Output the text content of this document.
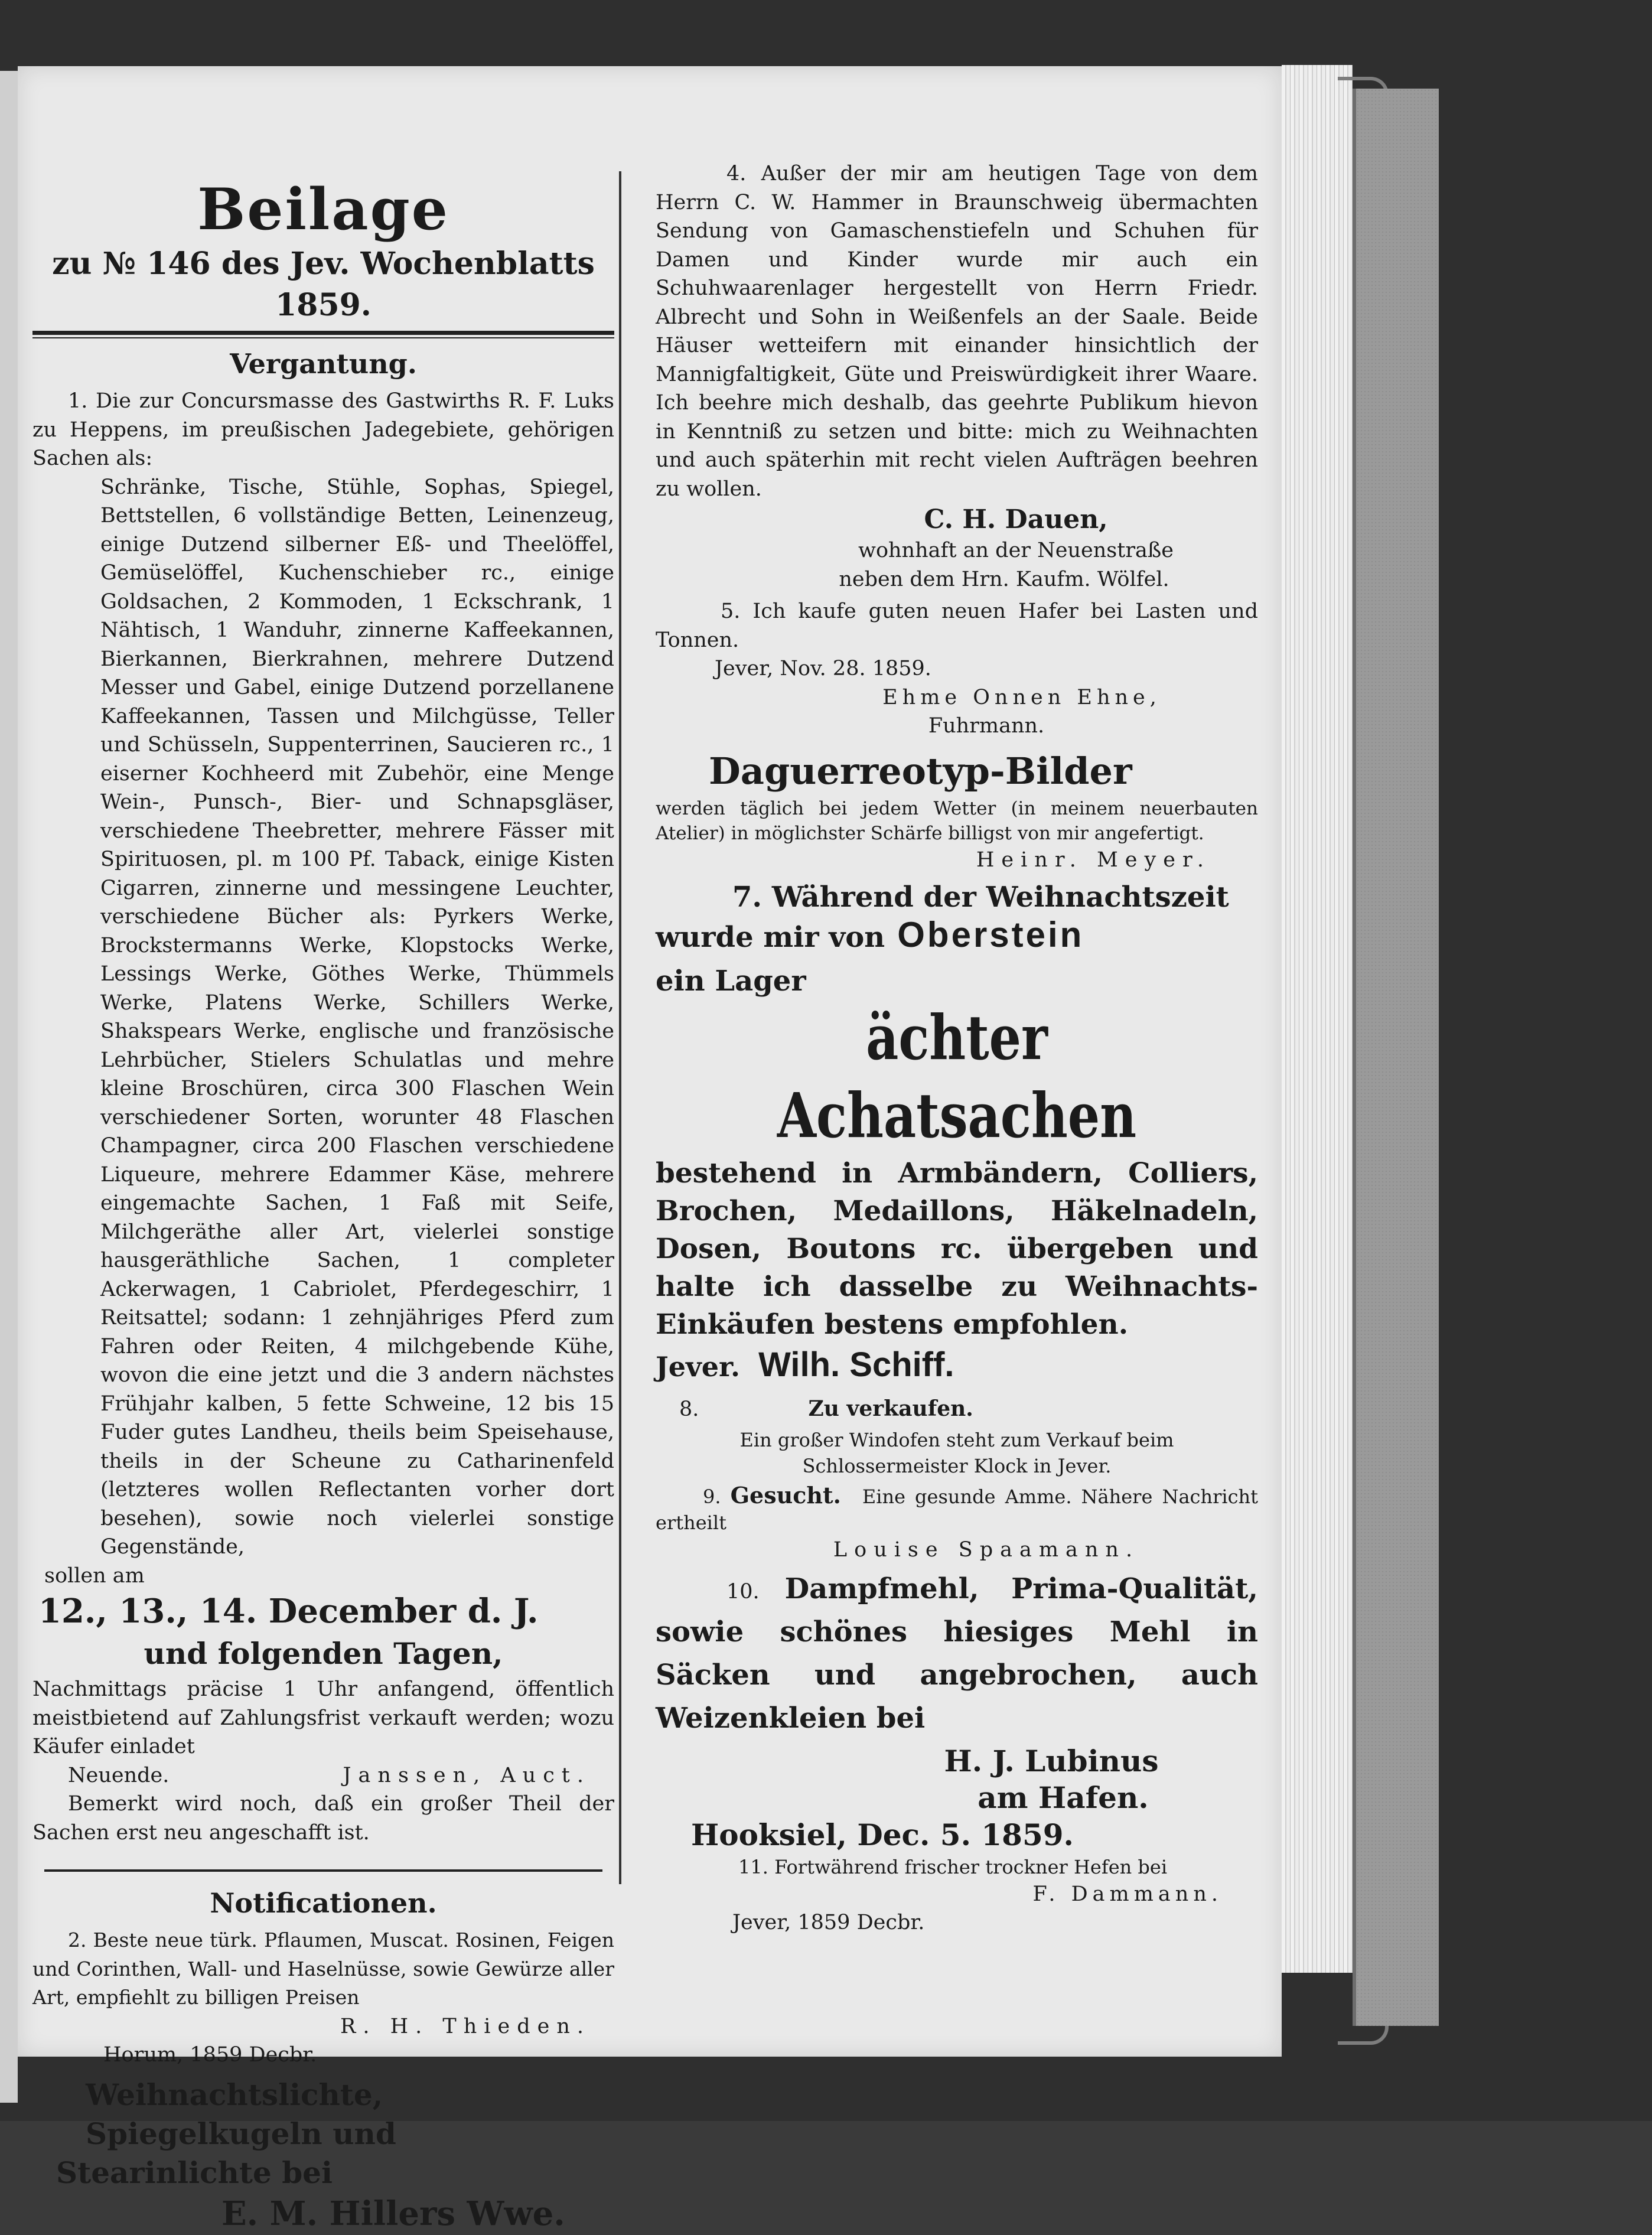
Beilage
zu № 146 des Jev. Wochenblatts 1859.
Vergantung.

1. Die zur Concursmasse des Gastwirths R. F. Luks zu Heppens, im preußischen Jadegebiete, gehörigen Sachen als:

Schränke, Tische, Stühle, Sophas, Spiegel, Bettstellen, 6 vollständige Betten, Leinenzeug, einige Dutzend silberner Eß- und Theelöffel, Gemüselöffel, Kuchenschieber rc., einige Goldsachen, 2 Kommoden, 1 Eckschrank, 1 Nähtisch, 1 Wanduhr, zinnerne Kaffeekannen, Bierkannen, Bierkrahnen, mehrere Dutzend Messer und Gabel, einige Dutzend porzellanene Kaffeekannen, Tassen und Milchgüsse, Teller und Schüsseln, Suppenterrinen, Saucieren rc., 1 eiserner Kochheerd mit Zubehör, eine Menge Wein-, Punsch-, Bier- und Schnapsgläser, verschiedene Theebretter, mehrere Fässer mit Spirituosen, pl. m 100 Pf. Taback, einige Kisten Cigarren, zinnerne und messingene Leuchter, verschiedene Bücher als: Pyrkers Werke, Brockstermanns Werke, Klopstocks Werke, Lessings Werke, Göthes Werke, Thümmels Werke, Platens Werke, Schillers Werke, Shakspears Werke, englische und französische Lehrbücher, Stielers Schulatlas und mehre kleine Broschüren, circa 300 Flaschen Wein verschiedener Sorten, worunter 48 Flaschen Champagner, circa 200 Flaschen verschiedene Liqueure, mehrere Edammer Käse, mehrere eingemachte Sachen, 1 Faß mit Seife, Milchgeräthe aller Art, vielerlei sonstige hausgeräthliche Sachen, 1 completer Ackerwagen, 1 Cabriolet, Pferdegeschirr, 1 Reitsattel; sodann: 1 zehnjähriges Pferd zum Fahren oder Reiten, 4 milchgebende Kühe, wovon die eine jetzt und die 3 andern nächstes Frühjahr kalben, 5 fette Schweine, 12 bis 15 Fuder gutes Landheu, theils beim Speisehause, theils in der Scheune zu Catharinenfeld (letzteres wollen Reflectanten vorher dort besehen), sowie noch vielerlei sonstige Gegenstände,

sollen am

12., 13., 14. December d. J.
und folgenden Tagen,

Nachmittags präcise 1 Uhr anfangend, öffentlich meistbietend auf Zahlungsfrist verkauft werden; wozu Käufer einladet

Neuende.	Janssen, Auct.

Bemerkt wird noch, daß ein großer Theil der Sachen erst neu angeschafft ist.

Notificationen.

2. Beste neue türk. Pflaumen, Muscat. Rosinen, Feigen und Corinthen, Wall- und Haselnüsse, sowie Gewürze aller Art, empfiehlt zu billigen Preisen

R. H. Thieden.
Horum, 1859 Decbr.
Weihnachtslichte, Spiegelkugeln und
Stearinlichte bei
E. M. Hillers Wwe.

4. Außer der mir am heutigen Tage von dem Herrn C. W. Hammer in Braunschweig übermachten Sendung von Gamaschenstiefeln und Schuhen für Damen und Kinder wurde mir auch ein Schuhwaarenlager hergestellt von Herrn Friedr. Albrecht und Sohn in Weißenfels an der Saale. Beide Häuser wetteifern mit einander hinsichtlich der Mannigfaltigkeit, Güte und Preiswürdigkeit ihrer Waare. Ich beehre mich deshalb, das geehrte Publikum hievon in Kenntniß zu setzen und bitte: mich zu Weihnachten und auch späterhin mit recht vielen Aufträgen beehren zu wollen.

C. H. Dauen,
wohnhaft an der Neuenstraße
neben dem Hrn. Kaufm. Wölfel.

5. Ich kaufe guten neuen Hafer bei Lasten und Tonnen.

Jever, Nov. 28. 1859.
Ehme Onnen Ehne,
Fuhrmann.
Daguerreotyp-Bilder

werden täglich bei jedem Wetter (in meinem neuerbauten Atelier) in möglichster Schärfe billigst von mir angefertigt.

Heinr. Meyer.
7. Während der Weihnachtszeit
wurde mir von Oberstein
ein Lager
ächter Achatsachen

bestehend in Armbändern, Colliers, Brochen, Medaillons, Häkelnadeln, Dosen, Boutons rc. übergeben und halte ich dasselbe zu Weihnachts-Einkäufen bestens empfohlen.

Jever. Wilh. Schiff.
8.	Zu verkaufen.

Ein großer Windofen steht zum Verkauf beim Schlossermeister Klock in Jever.

9. Gesucht. Eine gesunde Amme. Nähere Nachricht ertheilt

Louise Spaamann.

10. Dampfmehl, Prima-Qualität, sowie schönes hiesiges Mehl in Säcken und angebrochen, auch Weizenkleien bei

H. J. Lubinus
am Hafen.
Hooksiel, Dec. 5. 1859.

11. Fortwährend frischer trockner Hefen bei

F. Dammann.
Jever, 1859 Decbr.
